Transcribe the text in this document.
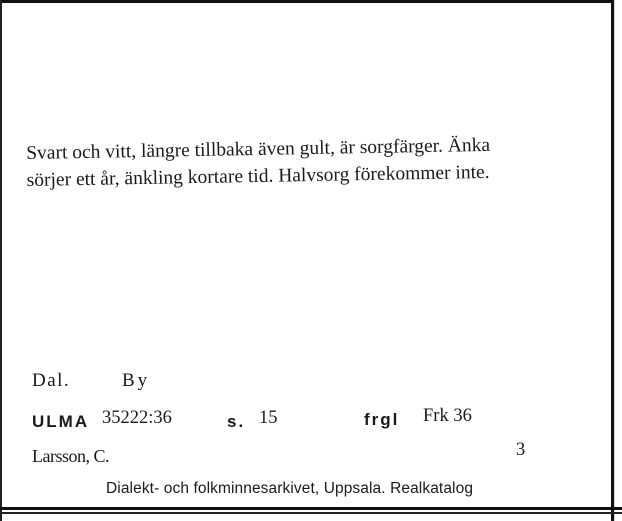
Svart och vitt, längre tillbaka även gult, är sorgfärger. Änka
sörjer ett år, änkling kortare tid. Halvsorg förekommer inte.
Dal.	By
ULMA 35222:36	s. 15	frgl Frk 36
Larsson, C.	3
Dialekt- och folkminnesarkivet, Uppsala. Realkatalog
